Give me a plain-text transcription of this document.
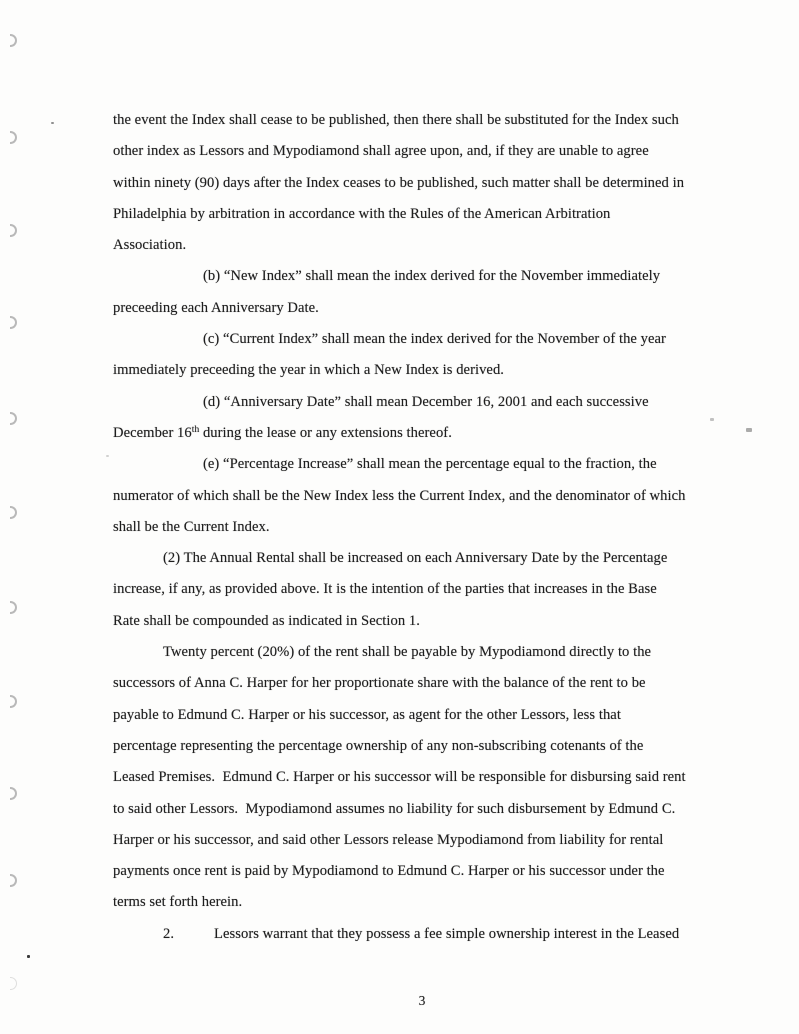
the event the Index shall cease to be published, then there shall be substituted for the Index such
other index as Lessors and Mypodiamond shall agree upon, and, if they are unable to agree
within ninety (90) days after the Index ceases to be published, such matter shall be determined in
Philadelphia by arbitration in accordance with the Rules of the American Arbitration
Association.
(b) “New Index” shall mean the index derived for the November immediately
preceeding each Anniversary Date.
(c) “Current Index” shall mean the index derived for the November of the year
immediately preceeding the year in which a New Index is derived.
(d) “Anniversary Date” shall mean December 16, 2001 and each successive
December 16th during the lease or any extensions thereof.
(e) “Percentage Increase” shall mean the percentage equal to the fraction, the
numerator of which shall be the New Index less the Current Index, and the denominator of which
shall be the Current Index.
(2) The Annual Rental shall be increased on each Anniversary Date by the Percentage
increase, if any, as provided above. It is the intention of the parties that increases in the Base
Rate shall be compounded as indicated in Section 1.
Twenty percent (20%) of the rent shall be payable by Mypodiamond directly to the
successors of Anna C. Harper for her proportionate share with the balance of the rent to be
payable to Edmund C. Harper or his successor, as agent for the other Lessors, less that
percentage representing the percentage ownership of any non-subscribing cotenants of the
Leased Premises.  Edmund C. Harper or his successor will be responsible for disbursing said rent
to said other Lessors.  Mypodiamond assumes no liability for such disbursement by Edmund C.
Harper or his successor, and said other Lessors release Mypodiamond from liability for rental
payments once rent is paid by Mypodiamond to Edmund C. Harper or his successor under the
terms set forth herein.
2.	Lessors warrant that they possess a fee simple ownership interest in the Leased
3
